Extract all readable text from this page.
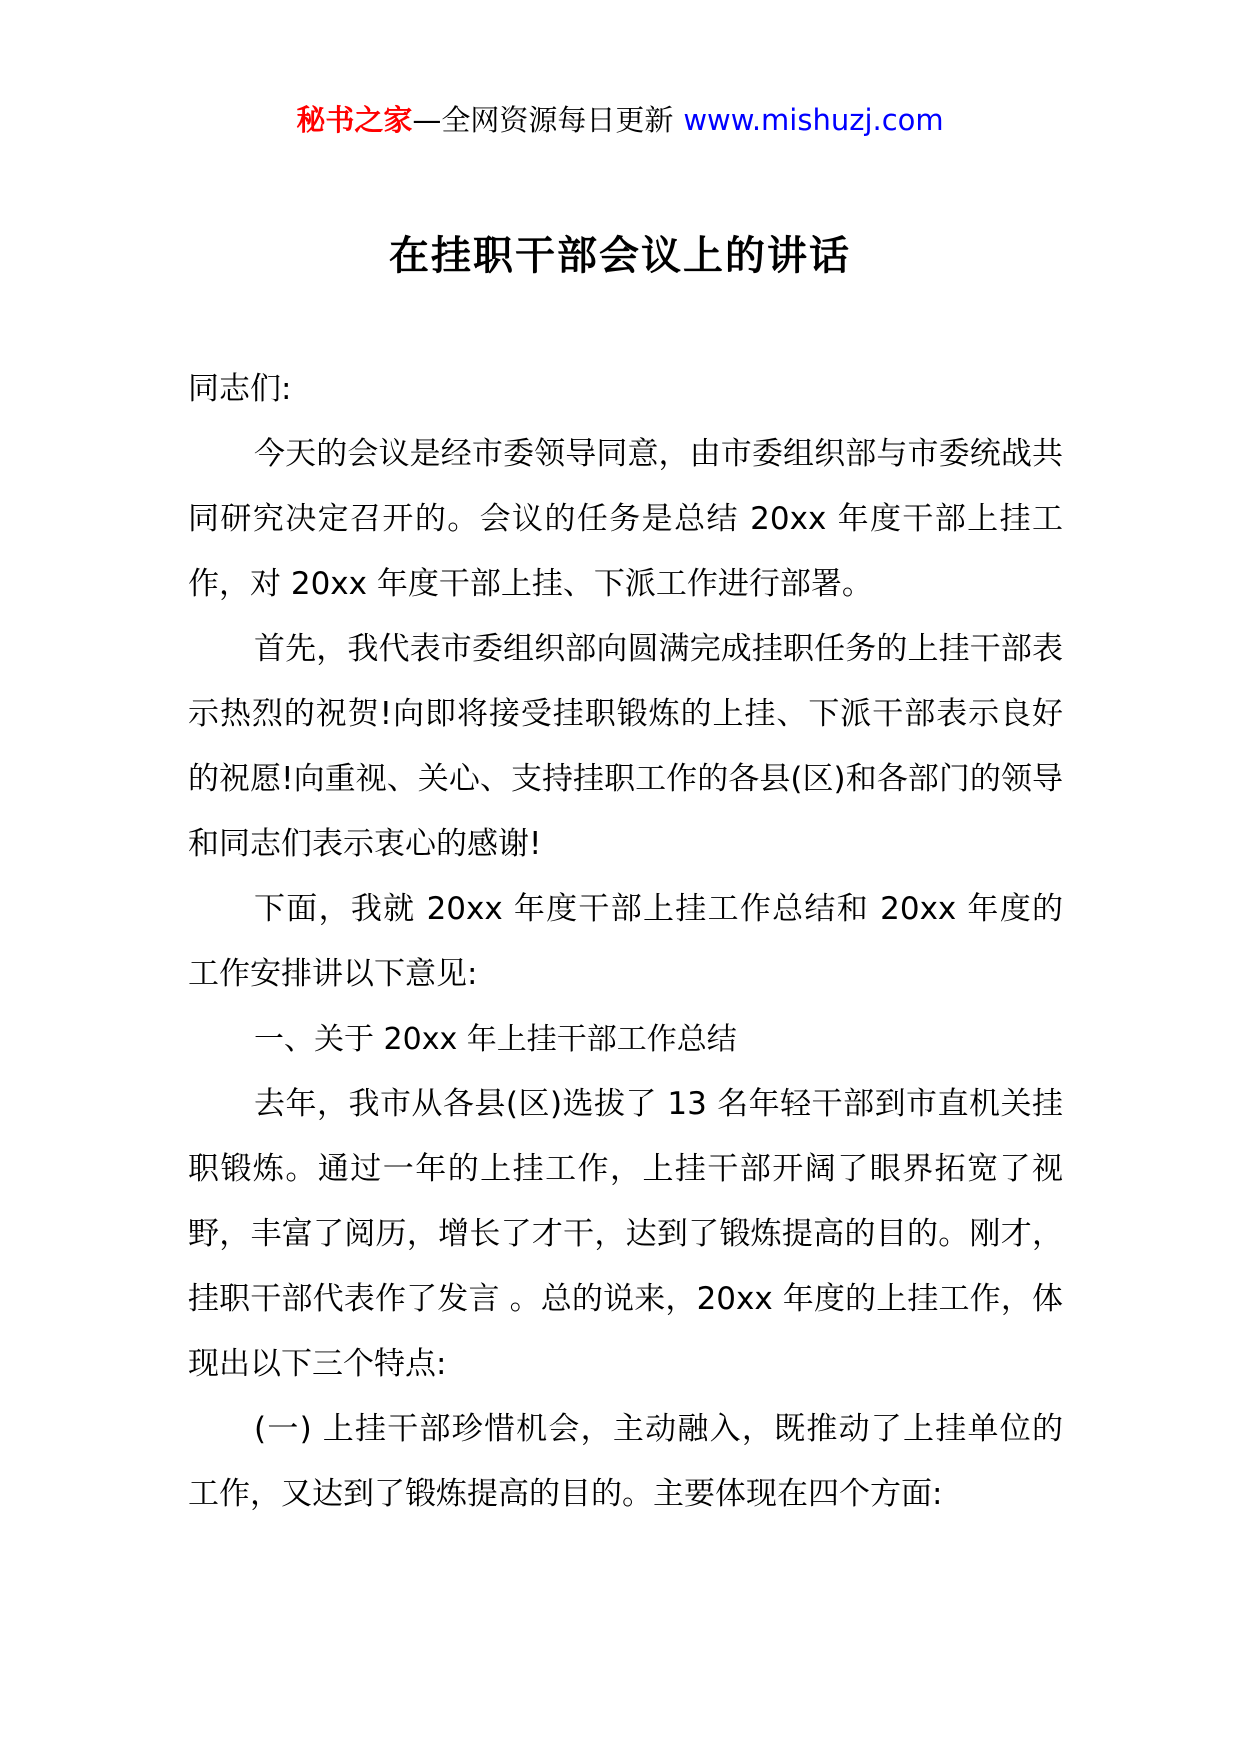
秘书之家—全网资源每日更新 www.mishuzj.com
在挂职干部会议上的讲话

同志们:

今天的会议是经市委领导同意，由市委组织部与市委统战共同研究决定召开的。会议的任务是总结 20xx 年度干部上挂工作，对 20xx 年度干部上挂、下派工作进行部署。

首先，我代表市委组织部向圆满完成挂职任务的上挂干部表示热烈的祝贺!向即将接受挂职锻炼的上挂、下派干部表示良好的祝愿!向重视、关心、支持挂职工作的各县(区)和各部门的领导和同志们表示衷心的感谢!

下面，我就 20xx 年度干部上挂工作总结和 20xx 年度的工作安排讲以下意见:

一、关于 20xx 年上挂干部工作总结

去年，我市从各县(区)选拔了 13 名年轻干部到市直机关挂职锻炼。通过一年的上挂工作，上挂干部开阔了眼界拓宽了视野，丰富了阅历，增长了才干，达到了锻炼提高的目的。刚才，挂职干部代表作了发言 。总的说来，20xx 年度的上挂工作，体现出以下三个特点:

(一) 上挂干部珍惜机会，主动融入，既推动了上挂单位的工作，又达到了锻炼提高的目的。主要体现在四个方面:
